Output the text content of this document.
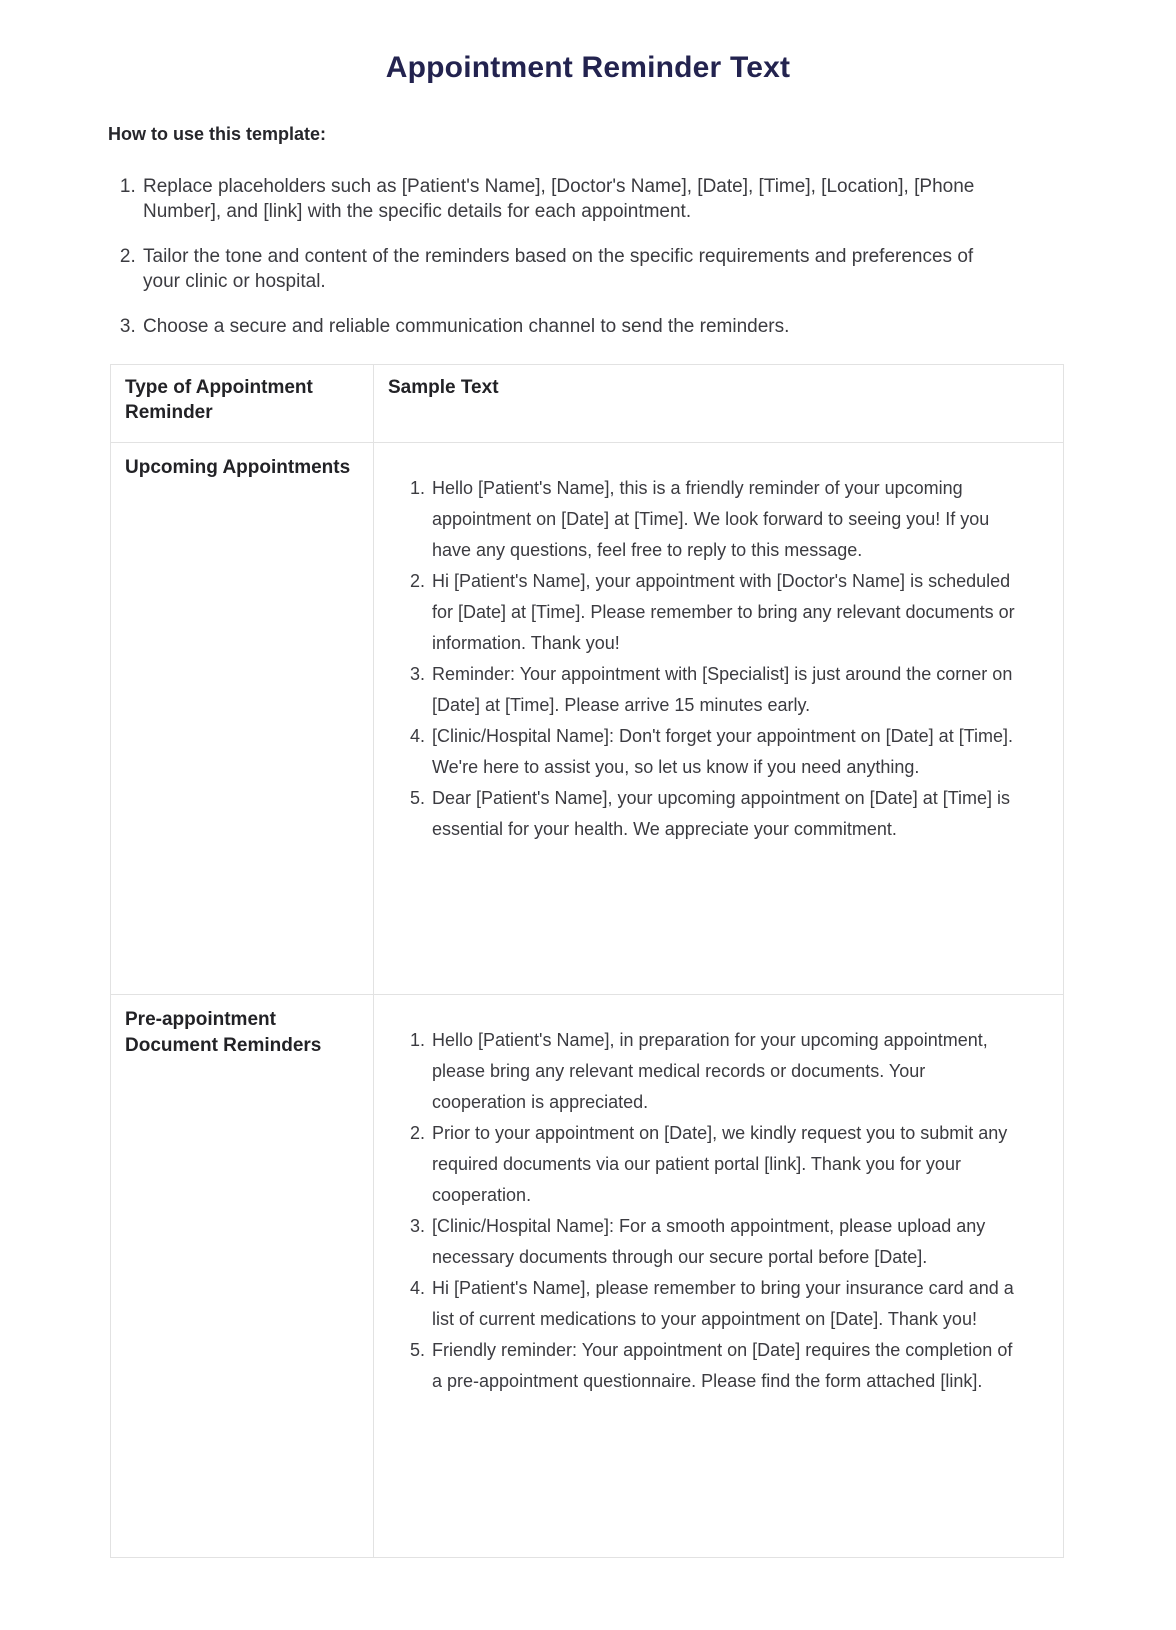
Appointment Reminder Text
How to use this template:
1. Replace placeholders such as [Patient's Name], [Doctor's Name], [Date], [Time], [Location], [Phone Number], and [link] with the specific details for each appointment.
2. Tailor the tone and content of the reminders based on the specific requirements and preferences of your clinic or hospital.
3. Choose a secure and reliable communication channel to send the reminders.
Type of Appointment Reminder	Sample Text
Upcoming Appointments	
1. Hello [Patient's Name], this is a friendly reminder of your upcoming appointment on [Date] at [Time]. We look forward to seeing you! If you have any questions, feel free to reply to this message.
2. Hi [Patient's Name], your appointment with [Doctor's Name] is scheduled for [Date] at [Time]. Please remember to bring any relevant documents or information. Thank you!
3. Reminder: Your appointment with [Specialist] is just around the corner on [Date] at [Time]. Please arrive 15 minutes early.
4. [Clinic/Hospital Name]: Don't forget your appointment on [Date] at [Time]. We're here to assist you, so let us know if you need anything.
5. Dear [Patient's Name], your upcoming appointment on [Date] at [Time] is essential for your health. We appreciate your commitment.

Pre-appointment Document Reminders	
1.Hello [Patient's Name], in preparation for your upcoming appointment, please bring any relevant medical records or documents. Your cooperation is appreciated.
2. Prior to your appointment on [Date], we kindly request you to submit any required documents via our patient portal [link]. Thank you for your cooperation.
3. [Clinic/Hospital Name]: For a smooth appointment, please upload any necessary documents through our secure portal before [Date].
4. Hi [Patient's Name], please remember to bring your insurance card and a list of current medications to your appointment on [Date]. Thank you!
5. Friendly reminder: Your appointment on [Date] requires the completion of a pre-appointment questionnaire. Please find the form attached [link].
